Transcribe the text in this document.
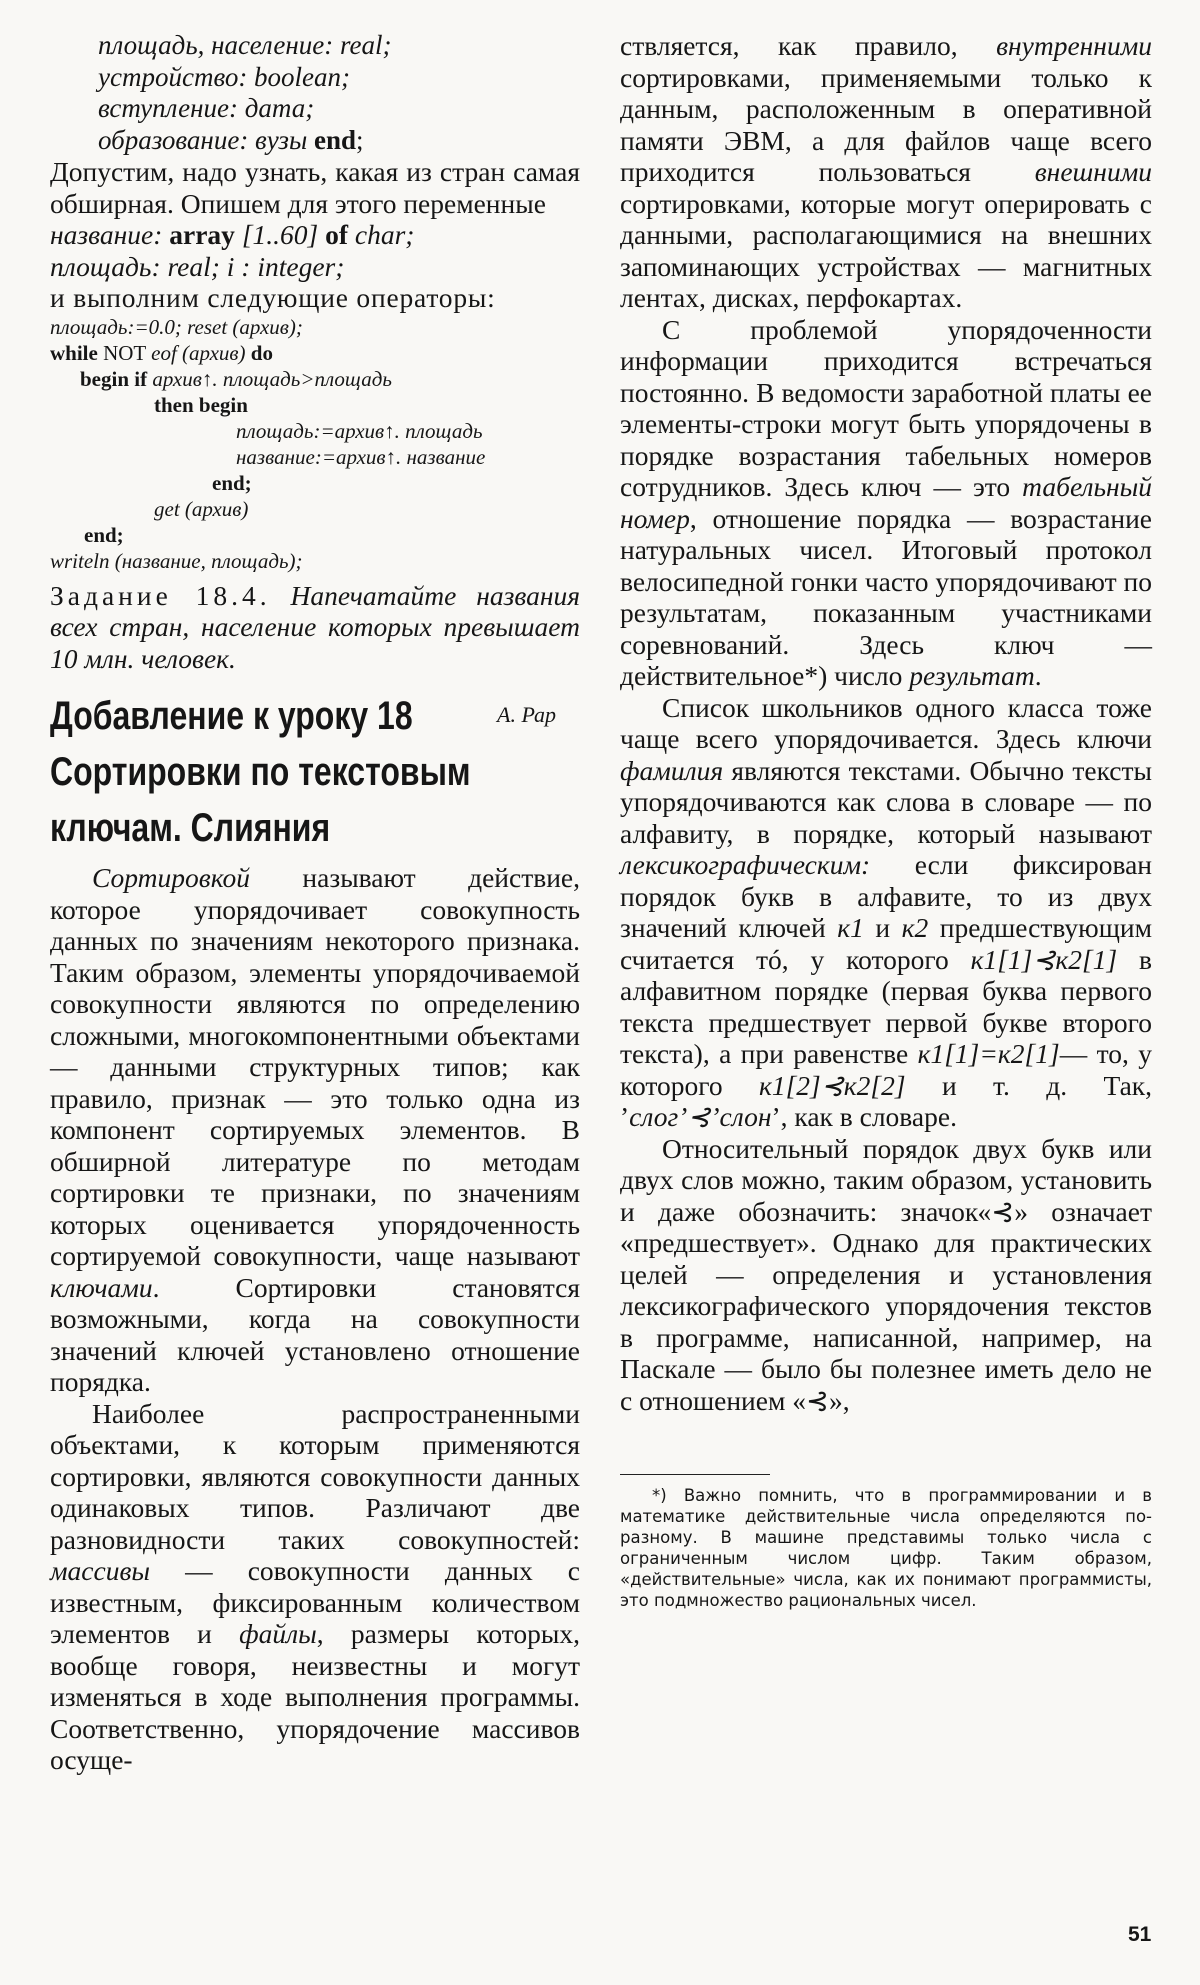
площадь, население: real;

устройство: boolean;

вступление: дата;

образование: вузы end;

Допустим, надо узнать, какая из стран самая обширная. Опишем для этого переменные

название: array [1..60] of char;

площадь: real; i : integer;

и выполним следующие операторы:

площадь:=0.0; reset (архив);
while NOT eof (архив) do
begin if архив↑. площадь>площадь
then begin
площадь:=архив↑. площадь
название:=архив↑. название
end;
get (архив)
end;
writeln (название, площадь);

Задание 18.4. Напечатайте названия всех стран, население которых превышает 10 млн. человек.

Добавление к уроку 18	А. Рар
Сортировки по текстовым
ключам. Слияния

Сортировкой называют действие, которое упорядочивает совокупность данных по значениям некоторого признака. Таким образом, элементы упорядочиваемой совокупности являются по определению сложными, многокомпонентными объектами — данными структурных типов; как правило, признак — это только одна из компонент сортируемых элементов. В обширной литературе по методам сортировки те признаки, по значениям которых оценивается упорядоченность сортируемой совокупности, чаще называют ключами. Сортировки становятся возможными, когда на совокупности значений ключей установлено отношение порядка.

Наиболее распространенными объектами, к которым применяются сортировки, являются совокупности данных одинаковых типов. Различают две разновидности таких совокупностей: массивы — совокупности данных с известным, фиксированным количеством элементов и файлы, размеры которых, вообще говоря, неизвестны и могут изменяться в ходе выполнения программы. Соответственно, упорядочение массивов осуще-

ствляется, как правило, внутренними сортировками, применяемыми только к данным, расположенным в оперативной памяти ЭВМ, а для файлов чаще всего приходится пользоваться внешними сортировками, которые могут оперировать с данными, располагающимися на внешних запоминающих устройствах — магнитных лентах, дисках, перфокартах.

С проблемой упорядоченности информации приходится встречаться постоянно. В ведомости заработной платы ее элементы-строки могут быть упорядочены в порядке возрастания табельных номеров сотрудников. Здесь ключ — это табельный номер, отношение порядка — возрастание натуральных чисел. Итоговый протокол велосипедной гонки часто упорядочивают по результатам, показанным участниками соревнований. Здесь ключ — действительное*) число результат.

Список школьников одного класса тоже чаще всего упорядочивается. Здесь ключи фамилия являются текстами. Обычно тексты упорядочиваются как слова в словаре — по алфавиту, в порядке, который называют лексикографическим: если фиксирован порядок букв в алфавите, то из двух значений ключей к1 и к2 предшествующим считается тó, у которого к1[1]⊰к2[1] в алфавитном порядке (первая буква первого текста предшествует первой букве второго текста), а при равенстве к1[1]=к2[1]— то, у которого к1[2]⊰к2[2] и т. д. Так, ’слог’⊰’слон’, как в словаре.

Относительный порядок двух букв или двух слов можно, таким образом, установить и даже обозначить: значок«⊰» означает «предшествует». Однако для практических целей — определения и установления лексикографического упорядочения текстов в программе, написанной, например, на Паскале — было бы полезнее иметь дело не с отношением «⊰»,

*) Важно помнить, что в программировании и в математике действительные числа определяются по-разному. В машине представимы только числа с ограниченным числом цифр. Таким образом, «действительные» числа, как их понимают программисты, это подмножество рациональных чисел.

51
